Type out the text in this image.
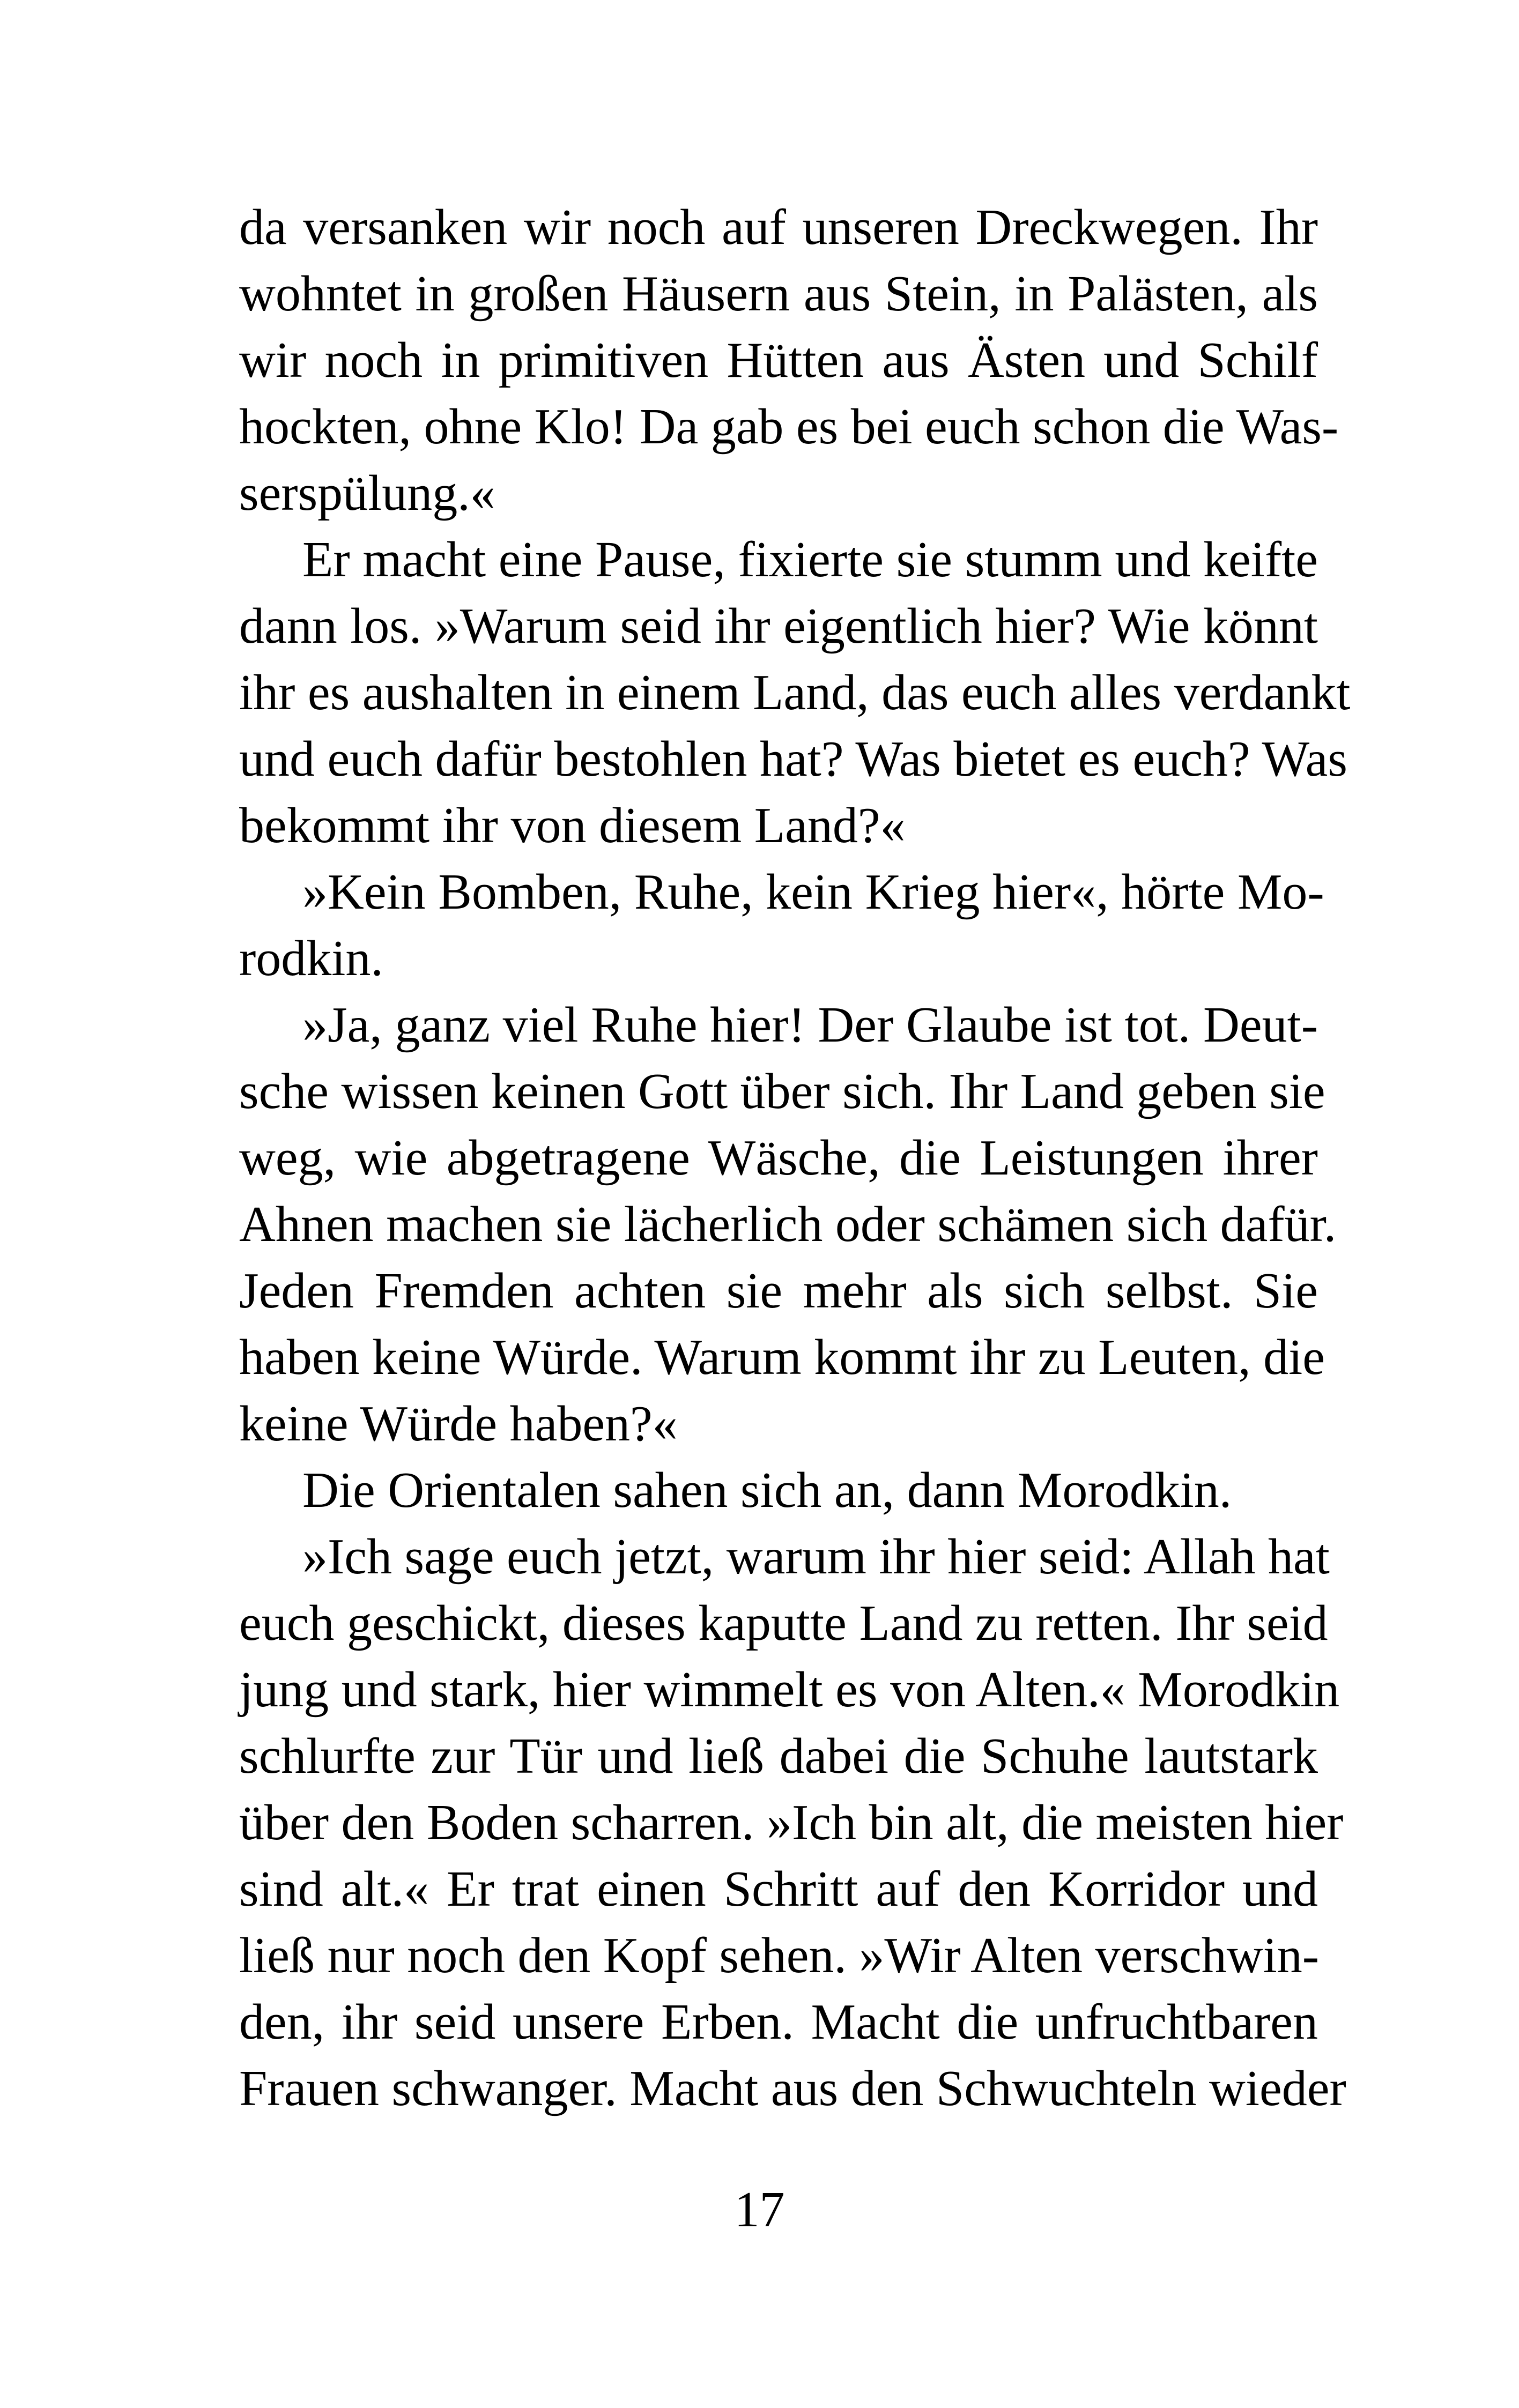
da versanken wir noch auf unseren Dreckwegen. Ihr
wohntet in großen Häusern aus Stein, in Palästen, als
wir noch in primitiven Hütten aus Ästen und Schilf
hockten, ohne Klo! Da gab es bei euch schon die Was-
serspülung.«
Er macht eine Pause, fixierte sie stumm und keifte
dann los. »Warum seid ihr eigentlich hier? Wie könnt
ihr es aushalten in einem Land, das euch alles verdankt
und euch dafür bestohlen hat? Was bietet es euch? Was
bekommt ihr von diesem Land?«
»Kein Bomben, Ruhe, kein Krieg hier«, hörte Mo-
rodkin.
»Ja, ganz viel Ruhe hier! Der Glaube ist tot. Deut-
sche wissen keinen Gott über sich. Ihr Land geben sie
weg, wie abgetragene Wäsche, die Leistungen ihrer
Ahnen machen sie lächerlich oder schämen sich dafür.
Jeden Fremden achten sie mehr als sich selbst. Sie
haben keine Würde. Warum kommt ihr zu Leuten, die
keine Würde haben?«
Die Orientalen sahen sich an, dann Morodkin.
»Ich sage euch jetzt, warum ihr hier seid: Allah hat
euch geschickt, dieses kaputte Land zu retten. Ihr seid
jung und stark, hier wimmelt es von Alten.« Morodkin
schlurfte zur Tür und ließ dabei die Schuhe lautstark
über den Boden scharren. »Ich bin alt, die meisten hier
sind alt.« Er trat einen Schritt auf den Korridor und
ließ nur noch den Kopf sehen. »Wir Alten verschwin-
den, ihr seid unsere Erben. Macht die unfruchtbaren
Frauen schwanger. Macht aus den Schwuchteln wieder
17
